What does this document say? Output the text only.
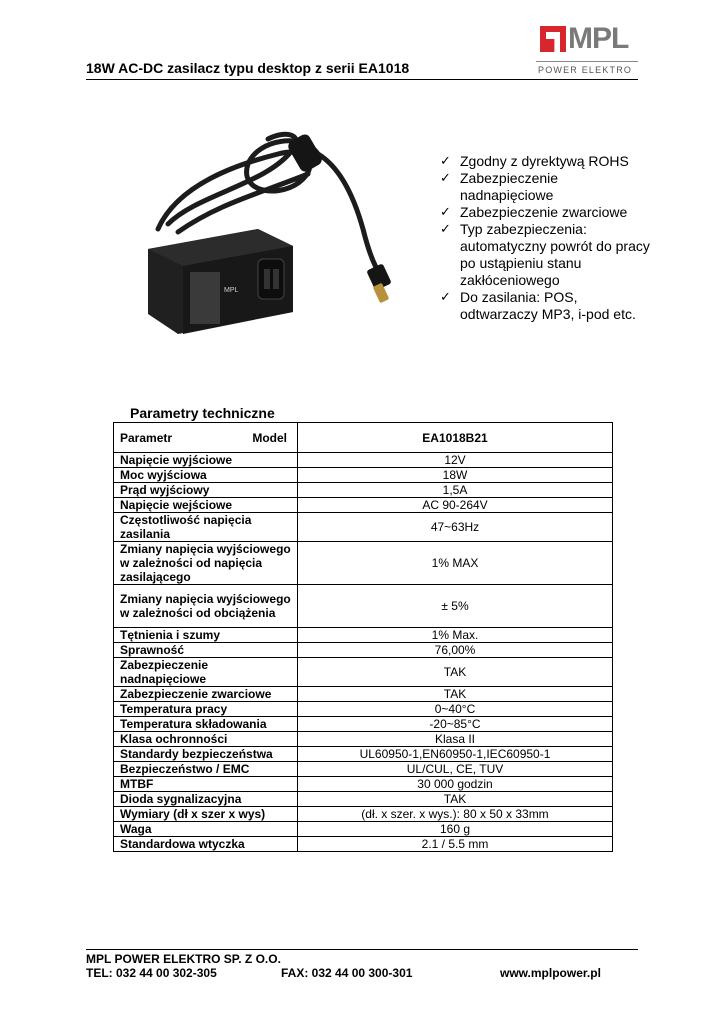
18W AC-DC zasilacz typu desktop z serii EA1018
MPL
POWER ELEKTRO
MPL
✓ Zgodny z dyrektywą ROHS
✓ Zabezpieczenie nadnapięciowe
✓ Zabezpieczenie zwarciowe
✓ Typ zabezpieczenia: automatyczny powrót do pracy po ustąpieniu stanu zakłóceniowego
✓ Do zasilania: POS, odtwarzaczy MP3, i-pod etc.
Parametry techniczne
Parametr Model	EA1018B21
Napięcie wyjściowe	12V
Moc wyjściowa	18W
Prąd wyjściowy	1,5A
Napięcie wejściowe	AC 90-264V
Częstotliwość napięcia zasilania	47~63Hz
Zmiany napięcia wyjściowego w zależności od napięcia zasilającego	1% MAX
Zmiany napięcia wyjściowego w zależności od obciążenia	± 5%
Tętnienia i szumy	1% Max.
Sprawność	76,00%
Zabezpieczenie nadnapięciowe	TAK
Zabezpieczenie zwarciowe	TAK
Temperatura pracy	0~40°C
Temperatura składowania	-20~85°C
Klasa ochronności	Klasa II
Standardy bezpieczeństwa	UL60950-1,EN60950-1,IEC60950-1
Bezpieczeństwo / EMC	UL/CUL, CE, TUV
MTBF	30 000 godzin
Dioda sygnalizacyjna	TAK
Wymiary (dł x szer x wys)	(dł. x szer. x wys.): 80 x 50 x 33mm
Waga	160 g
Standardowa wtyczka	2.1 / 5.5 mm
MPL POWER ELEKTRO SP. Z O.O.
TEL: 032 44 00 302-305	FAX: 032 44 00 300-301	www.mplpower.pl
